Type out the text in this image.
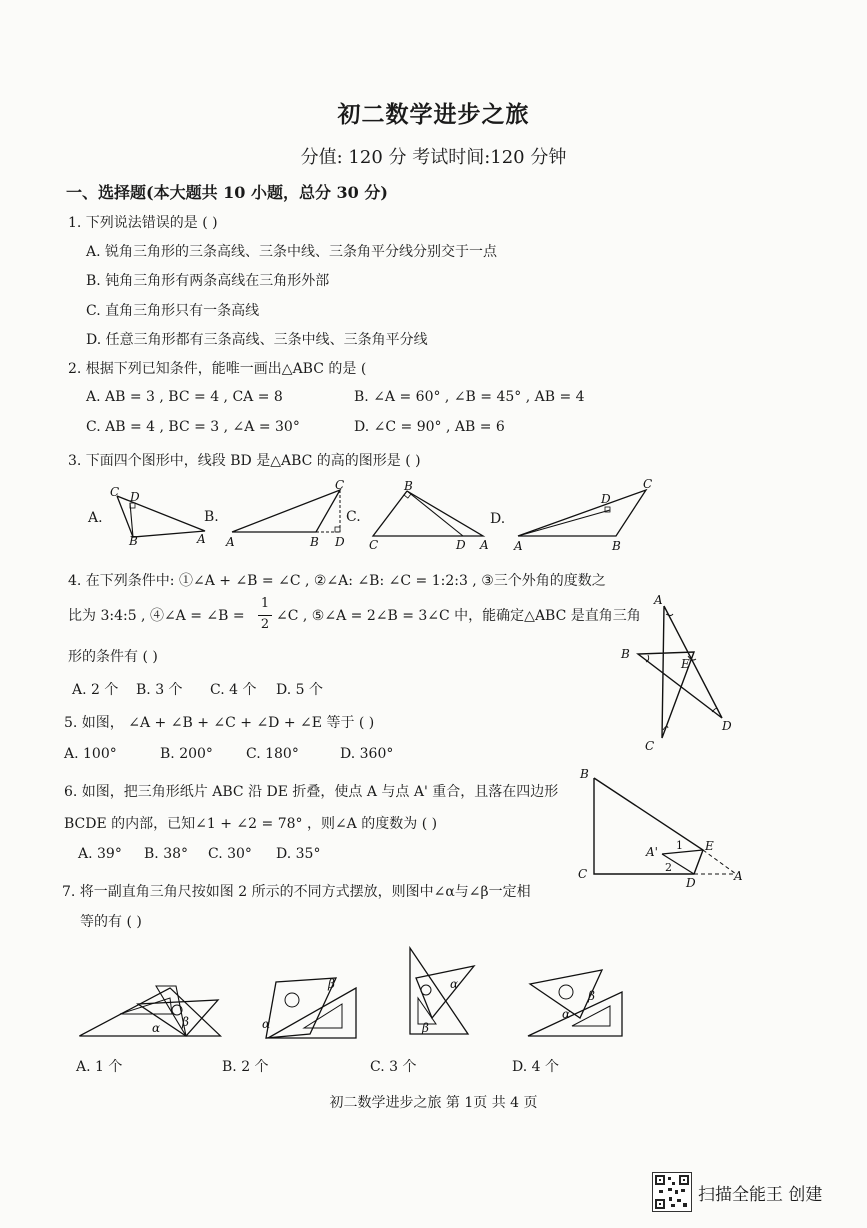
初二数学进步之旅
分值: 120 分 考试时间:120 分钟
一、选择题(本大题共 10 小题，总分 30 分)
1. 下列说法错误的是 ( )
A. 锐角三角形的三条高线、三条中线、三条角平分线分别交于一点
B. 钝角三角形有两条高线在三角形外部
C. 直角三角形只有一条高线
D. 任意三角形都有三条高线、三条中线、三条角平分线
2. 根据下列已知条件，能唯一画出△ABC 的是 (
A. AB = 3 , BC = 4 , CA = 8	B. ∠A = 60° , ∠B = 45° , AB = 4
C. AB = 4 , BC = 3 , ∠A = 30°	D. ∠C = 90° , AB = 6
3. 下面四个图形中，线段 BD 是△ABC 的高的图形是 ( )
A.	B.	C.	D.
C D
B	A
C
A	B D
B
C	D A
C
D
A	B
4. 在下列条件中: ①∠A + ∠B = ∠C , ②∠A: ∠B: ∠C = 1:2:3 , ③三个外角的度数之
比为 3:4:5 , ④∠A = ∠B =
1
2
∠C , ⑤∠A = 2∠B = 3∠C 中，能确定△ABC 是直角三角
形的条件有 ( )
A. 2 个 B. 3 个 C. 4 个 D. 5 个
A
B
E
C
D
5. 如图， ∠A + ∠B + ∠C + ∠D + ∠E 等于 ( )
A. 100°	B. 200° C. 180°	D. 360°
6. 如图，把三角形纸片 ABC 沿 DE 折叠，使点 A 与点 A' 重合，且落在四边形
BCDE 的内部，已知∠1 + ∠2 = 78° ，则∠A 的度数为 ( )
A. 39° B. 38° C. 30° D. 35°
B
A' 1 E
2
C
D	A
7. 将一副直角三角尺按如图 2 所示的不同方式摆放，则图中∠α与∠β一定相
等的有 ( )
α β	α
β	α
β
α
β
A. 1 个	B. 2 个	C. 3 个	D. 4 个
初二数学进步之旅 第 1页 共 4 页
扫描全能王 创建
